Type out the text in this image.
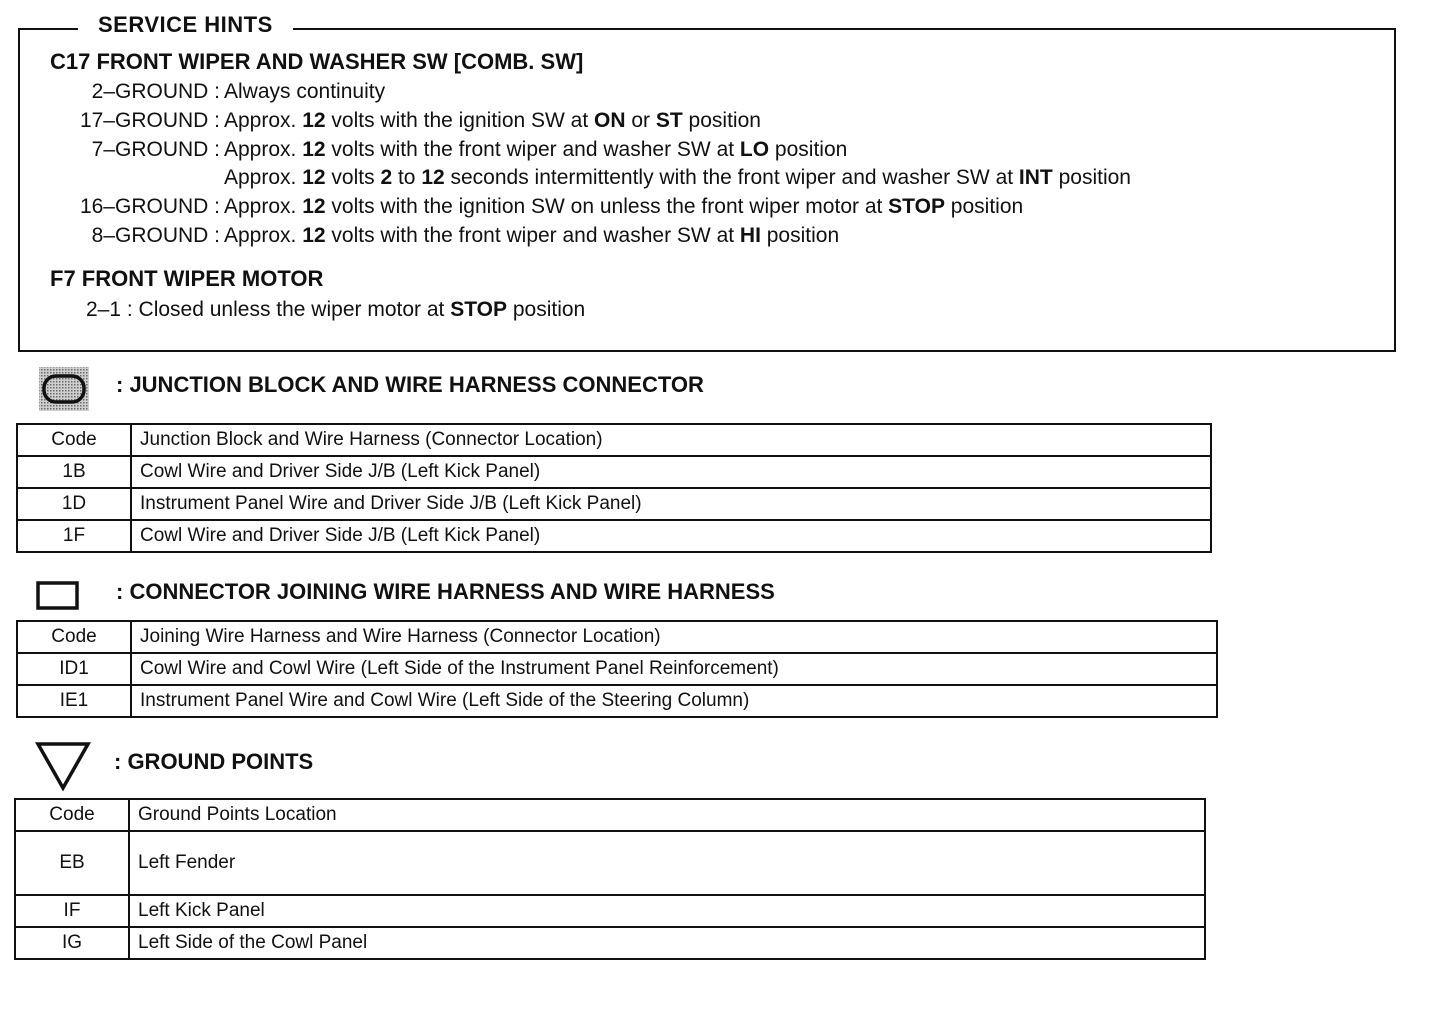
SERVICE HINTS
C17 FRONT WIPER AND WASHER SW [COMB. SW]
2–GROUND : Always continuity
17–GROUND : Approx. 12 volts with the ignition SW at ON or ST position
7–GROUND : Approx. 12 volts with the front wiper and washer SW at LO position
Approx. 12 volts 2 to 12 seconds intermittently with the front wiper and washer SW at INT position
16–GROUND : Approx. 12 volts with the ignition SW on unless the front wiper motor at STOP position
8–GROUND : Approx. 12 volts with the front wiper and washer SW at HI position
F7 FRONT WIPER MOTOR
2–1 : Closed unless the wiper motor at STOP position
: JUNCTION BLOCK AND WIRE HARNESS CONNECTOR
Code	Junction Block and Wire Harness (Connector Location)
1B	Cowl Wire and Driver Side J/B (Left Kick Panel)
1D	Instrument Panel Wire and Driver Side J/B (Left Kick Panel)
1F	Cowl Wire and Driver Side J/B (Left Kick Panel)
: CONNECTOR JOINING WIRE HARNESS AND WIRE HARNESS
Code	Joining Wire Harness and Wire Harness (Connector Location)
ID1	Cowl Wire and Cowl Wire (Left Side of the Instrument Panel Reinforcement)
IE1	Instrument Panel Wire and Cowl Wire (Left Side of the Steering Column)
: GROUND POINTS
Code	Ground Points Location
EB	Left Fender
IF	Left Kick Panel
IG	Left Side of the Cowl Panel
